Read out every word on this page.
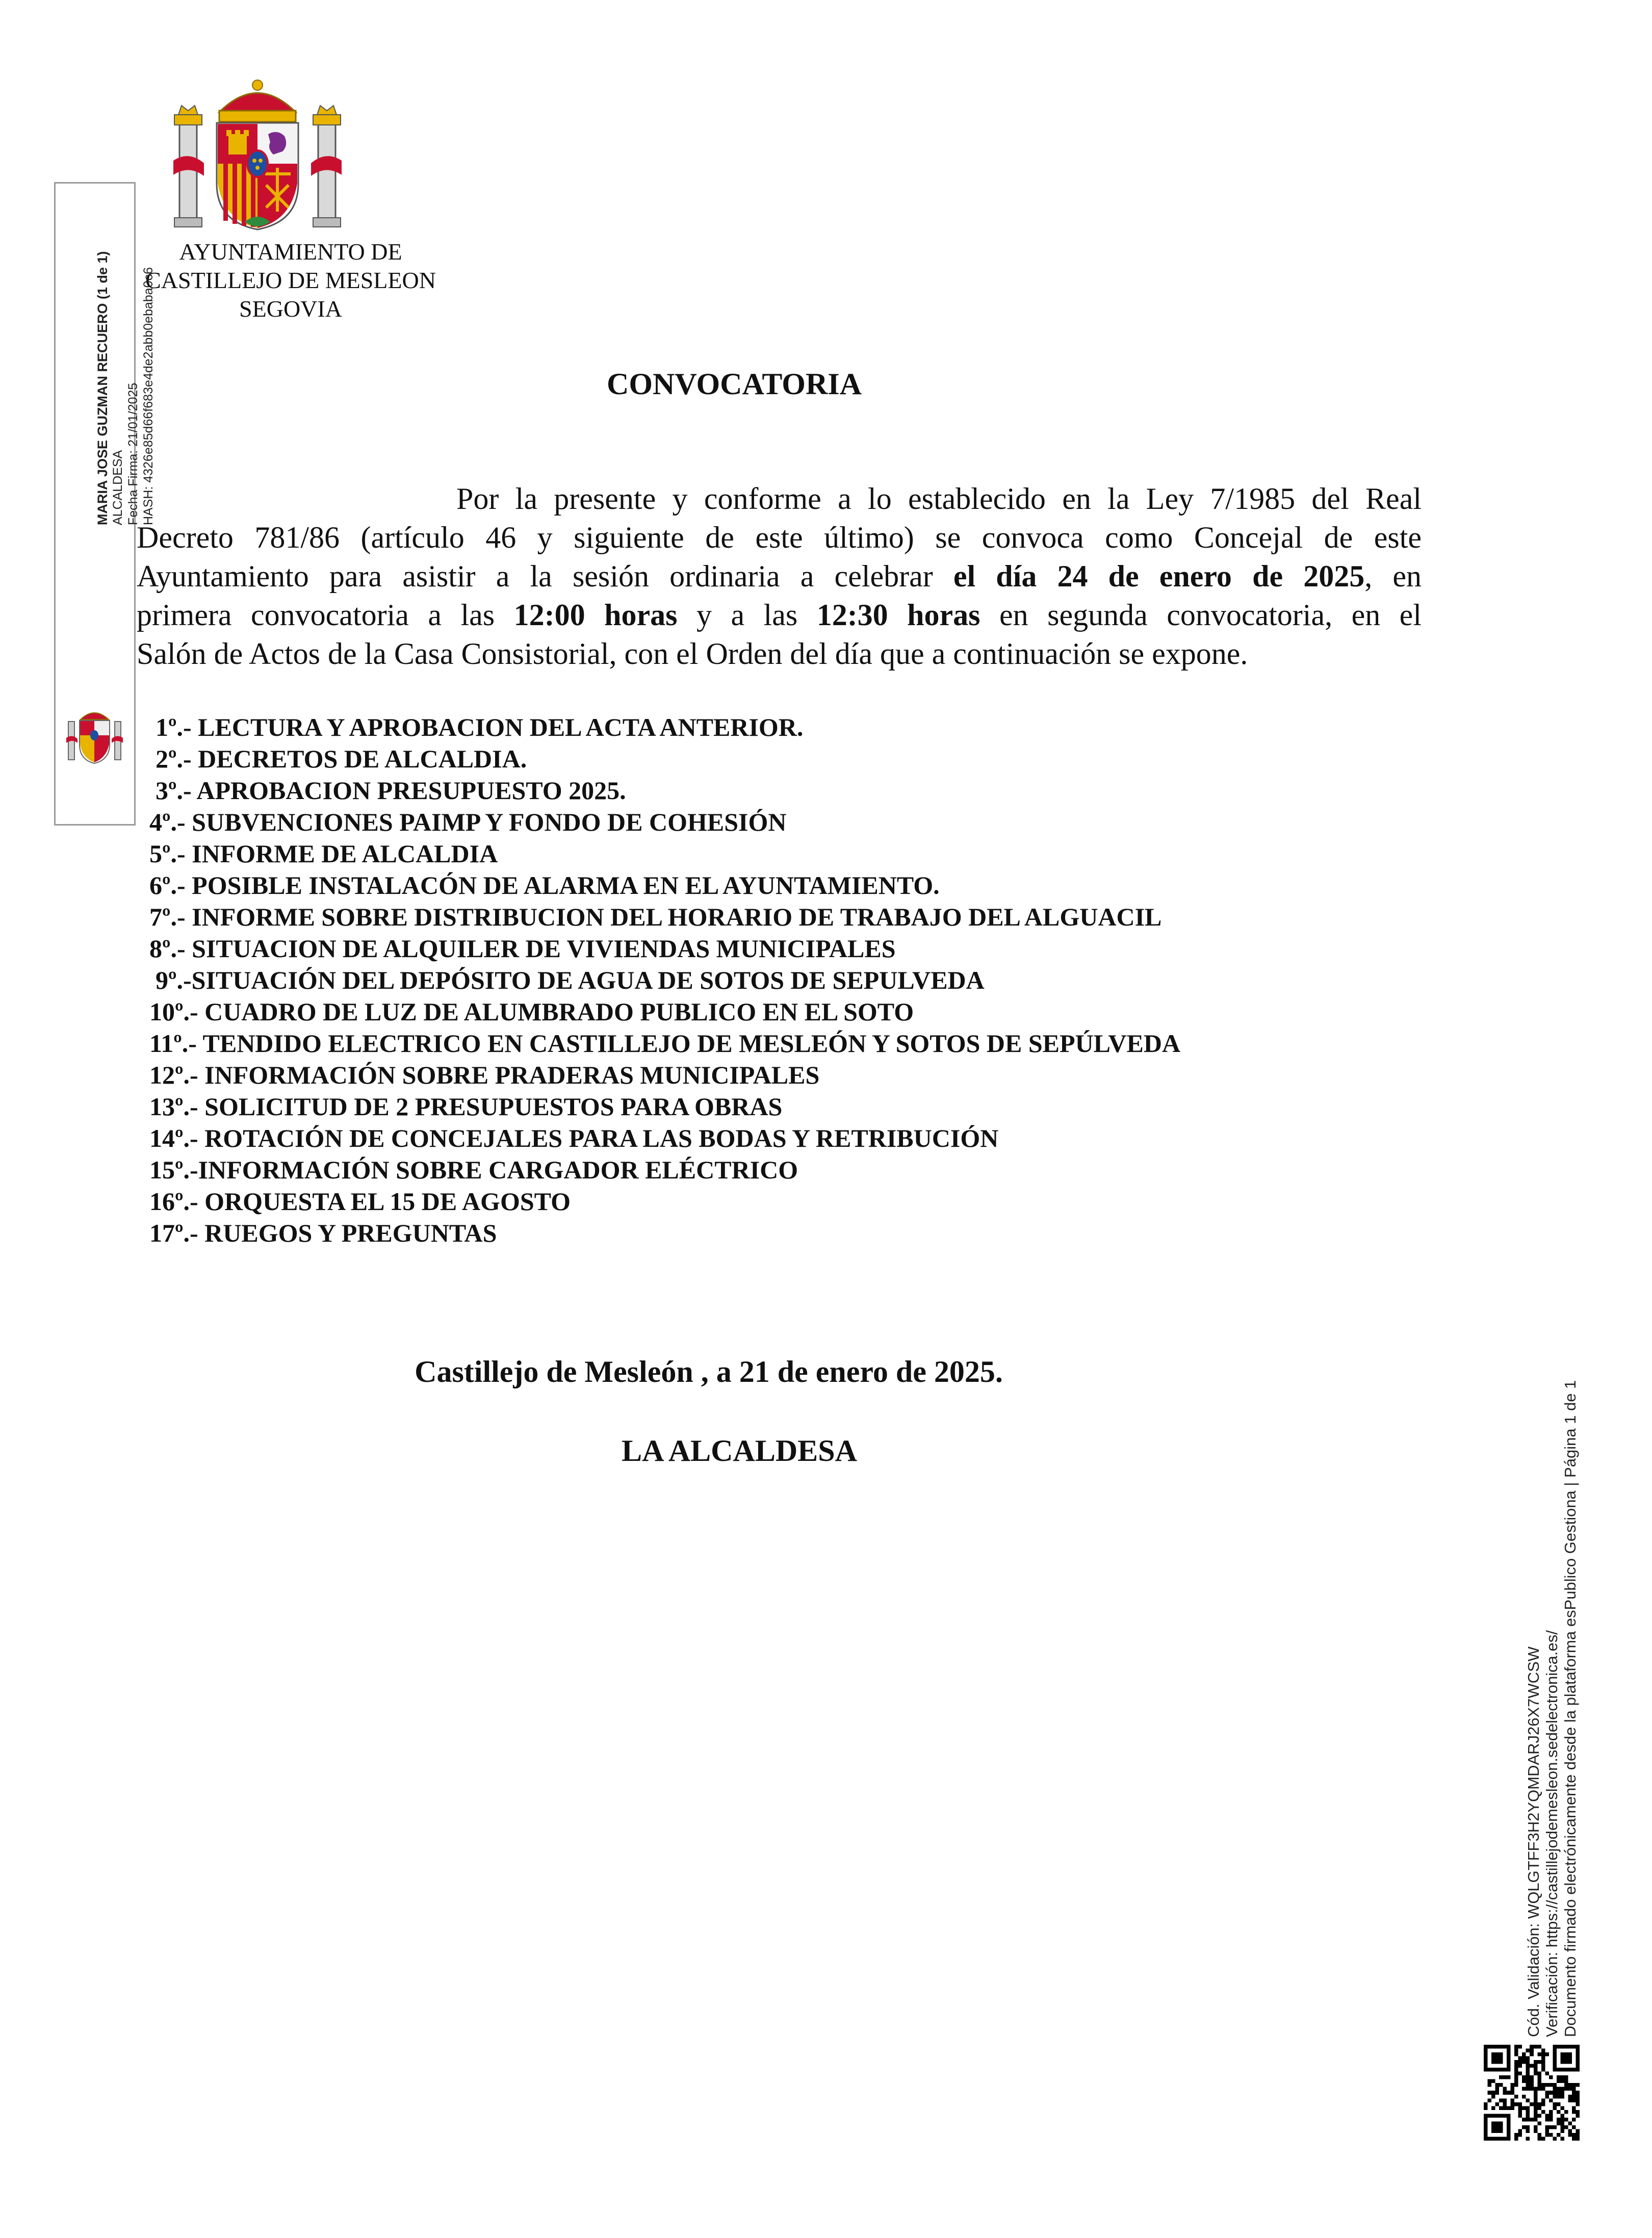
AYUNTAMIENTO DE
CASTILLEJO DE MESLEON
SEGOVIA
MARIA JOSE GUZMAN RECUERO (1 de 1) ALCALDESA Fecha Firma: 21/01/2025 HASH: 4326e85d66f683e4de2abb0ebaba0c6	CONVOCATORIA
Por la presente y conforme a lo establecido en la Ley 7/1985 del Real
Decreto 781/86 (artículo 46 y siguiente de este último) se convoca como Concejal de este
Ayuntamiento para asistir a la sesión ordinaria a celebrar el día 24 de enero de 2025, en
primera convocatoria a las 12:00 horas y a las 12:30 horas en segunda convocatoria, en el
Salón de Actos de la Casa Consistorial, con el Orden del día que a continuación se expone.
1º.- LECTURA Y APROBACION DEL ACTA ANTERIOR.
2º.- DECRETOS DE ALCALDIA.
3º.- APROBACION PRESUPUESTO 2025.
4º.- SUBVENCIONES PAIMP Y FONDO DE COHESIÓN
5º.- INFORME DE ALCALDIA
6º.- POSIBLE INSTALACÓN DE ALARMA EN EL AYUNTAMIENTO.
7º.- INFORME SOBRE DISTRIBUCION DEL HORARIO DE TRABAJO DEL ALGUACIL
8º.- SITUACION DE ALQUILER DE VIVIENDAS MUNICIPALES
9º.-SITUACIÓN DEL DEPÓSITO DE AGUA DE SOTOS DE SEPULVEDA
10º.- CUADRO DE LUZ DE ALUMBRADO PUBLICO EN EL SOTO
11º.- TENDIDO ELECTRICO EN CASTILLEJO DE MESLEÓN Y SOTOS DE SEPÚLVEDA
12º.- INFORMACIÓN SOBRE PRADERAS MUNICIPALES
13º.- SOLICITUD DE 2 PRESUPUESTOS PARA OBRAS
14º.- ROTACIÓN DE CONCEJALES PARA LAS BODAS Y RETRIBUCIÓN
15º.-INFORMACIÓN SOBRE CARGADOR ELÉCTRICO
16º.- ORQUESTA EL 15 DE AGOSTO
17º.- RUEGOS Y PREGUNTAS
Castillejo de Mesleón , a 21 de enero de 2025.
LA ALCALDESA
Cód. Validación: WQLGTFF3H2YQMDARJ26X7WCSW Verificación: https://castillejodemesleon.sedelectronica.es/ Documento firmado electrónicamente desde la plataforma esPublico Gestiona | Página 1 de 1
